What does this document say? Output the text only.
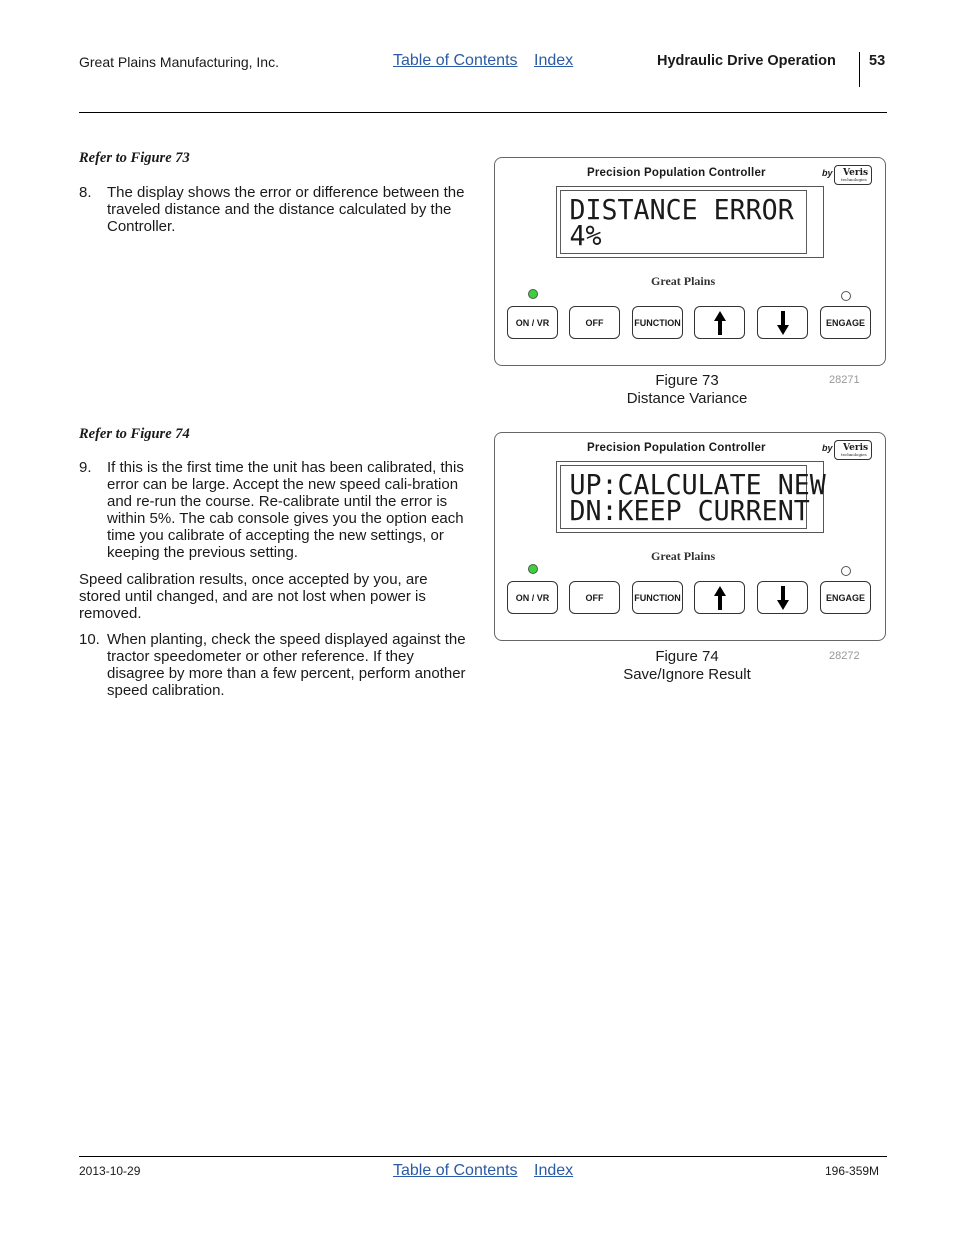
Great Plains Manufacturing, Inc.	Table of Contents Index	Hydraulic Drive Operation 53
Refer to Figure 73
8. The display shows the error or difference between the traveled distance and the distance calculated by the Controller.
Refer to Figure 74
9. If this is the first time the unit has been calibrated, this error can be large. Accept the new speed cali-bration and re-run the course. Re-calibrate until the error is within 5%. The cab console gives you the option each time you calibrate of accepting the new settings, or keeping the previous setting.
Speed calibration results, once accepted by you, are stored until changed, and are not lost when power is removed.
10. When planting, check the speed displayed against the tractor speedometer or other reference. If they disagree by more than a few percent, perform another speed calibration.
Precision Population Controller	by Veris
technologies
DISTANCE ERROR
4%
Great Plains
ON / VR	OFF	FUNCTION	ENGAGE
Figure 73
Distance Variance
28271
Precision Population Controller	by Veris
technologies
UP:CALCULATE NEW
DN:KEEP CURRENT
Great Plains
ON / VR	OFF	FUNCTION	ENGAGE
Figure 74
Save/Ignore Result
28272
2013-10-29	Table of Contents Index	196-359M
